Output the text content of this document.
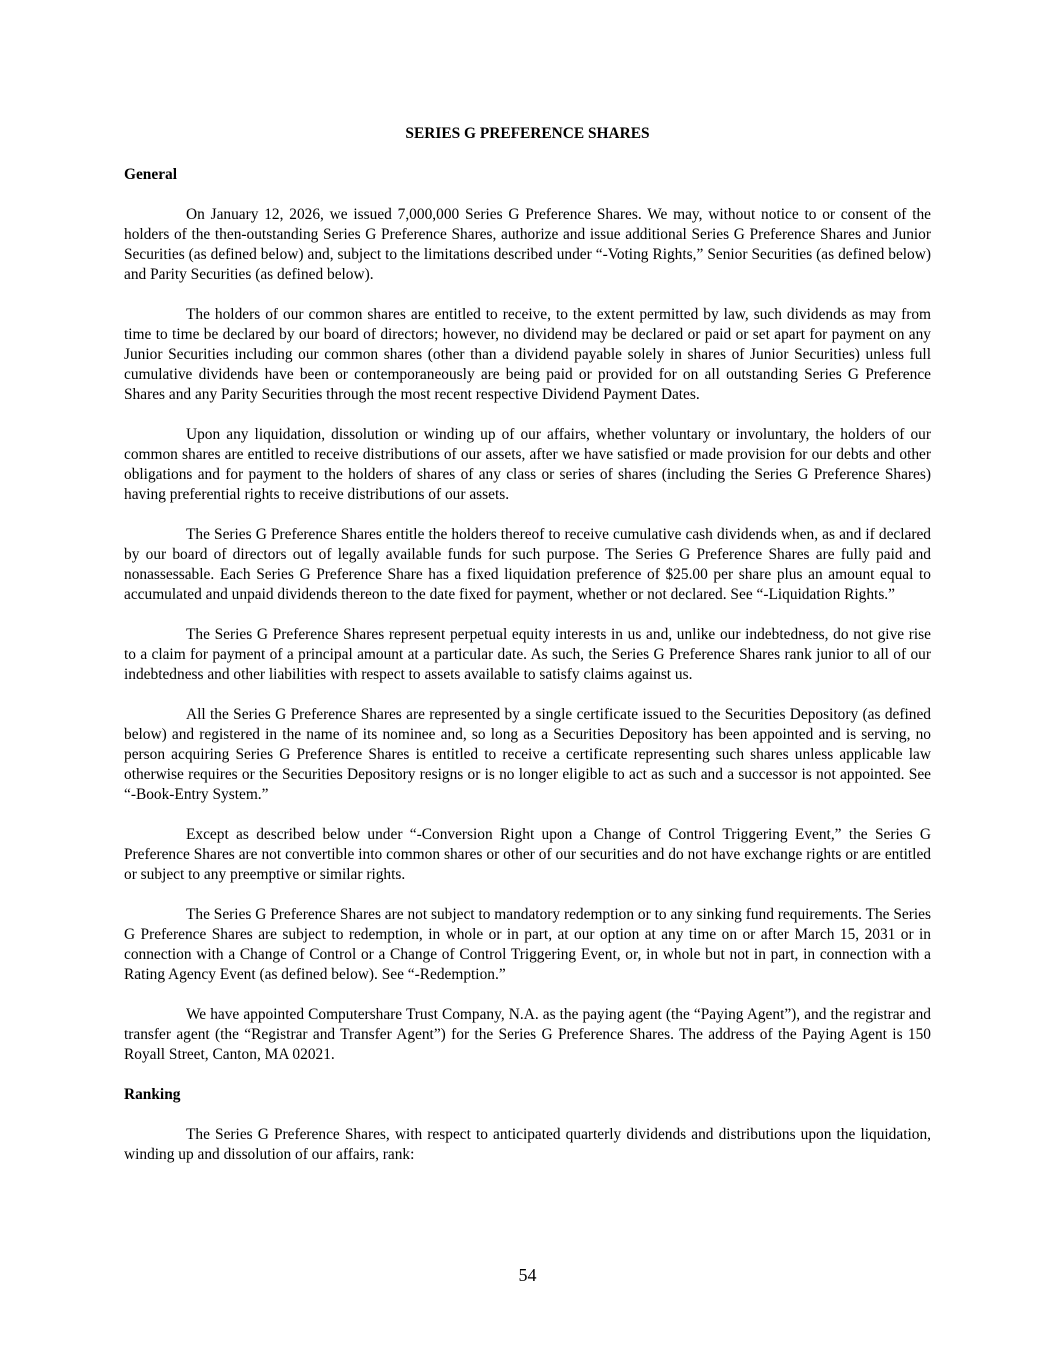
SERIES G PREFERENCE SHARES
General

On January 12, 2026, we issued 7,000,000 Series G Preference Shares. We may, without notice to or consent of the holders of the then-outstanding Series G Preference Shares, authorize and issue additional Series G Preference Shares and Junior Securities (as defined below) and, subject to the limitations described under “-Voting Rights,” Senior Securities (as defined below) and Parity Securities (as defined below).

The holders of our common shares are entitled to receive, to the extent permitted by law, such dividends as may from time to time be declared by our board of directors; however, no dividend may be declared or paid or set apart for payment on any Junior Securities including our common shares (other than a dividend payable solely in shares of Junior Securities) unless full cumulative dividends have been or contemporaneously are being paid or provided for on all outstanding Series G Preference Shares and any Parity Securities through the most recent respective Dividend Payment Dates.

Upon any liquidation, dissolution or winding up of our affairs, whether voluntary or involuntary, the holders of our common shares are entitled to receive distributions of our assets, after we have satisfied or made provision for our debts and other obligations and for payment to the holders of shares of any class or series of shares (including the Series G Preference Shares) having preferential rights to receive distributions of our assets.

The Series G Preference Shares entitle the holders thereof to receive cumulative cash dividends when, as and if declared by our board of directors out of legally available funds for such purpose. The Series G Preference Shares are fully paid and nonassessable. Each Series G Preference Share has a fixed liquidation preference of $25.00 per share plus an amount equal to accumulated and unpaid dividends thereon to the date fixed for payment, whether or not declared. See “-Liquidation Rights.”

The Series G Preference Shares represent perpetual equity interests in us and, unlike our indebtedness, do not give rise to a claim for payment of a principal amount at a particular date. As such, the Series G Preference Shares rank junior to all of our indebtedness and other liabilities with respect to assets available to satisfy claims against us.

All the Series G Preference Shares are represented by a single certificate issued to the Securities Depository (as defined below) and registered in the name of its nominee and, so long as a Securities Depository has been appointed and is serving, no person acquiring Series G Preference Shares is entitled to receive a certificate representing such shares unless applicable law otherwise requires or the Securities Depository resigns or is no longer eligible to act as such and a successor is not appointed. See “-Book-Entry System.”

Except as described below under “-Conversion Right upon a Change of Control Triggering Event,” the Series G Preference Shares are not convertible into common shares or other of our securities and do not have exchange rights or are entitled or subject to any preemptive or similar rights.

The Series G Preference Shares are not subject to mandatory redemption or to any sinking fund requirements. The Series G Preference Shares are subject to redemption, in whole or in part, at our option at any time on or after March 15, 2031 or in connection with a Change of Control or a Change of Control Triggering Event, or, in whole but not in part, in connection with a Rating Agency Event (as defined below). See “-Redemption.”

We have appointed Computershare Trust Company, N.A. as the paying agent (the “Paying Agent”), and the registrar and transfer agent (the “Registrar and Transfer Agent”) for the Series G Preference Shares. The address of the Paying Agent is 150 Royall Street, Canton, MA 02021.

Ranking

The Series G Preference Shares, with respect to anticipated quarterly dividends and distributions upon the liquidation, winding up and dissolution of our affairs, rank:

54
